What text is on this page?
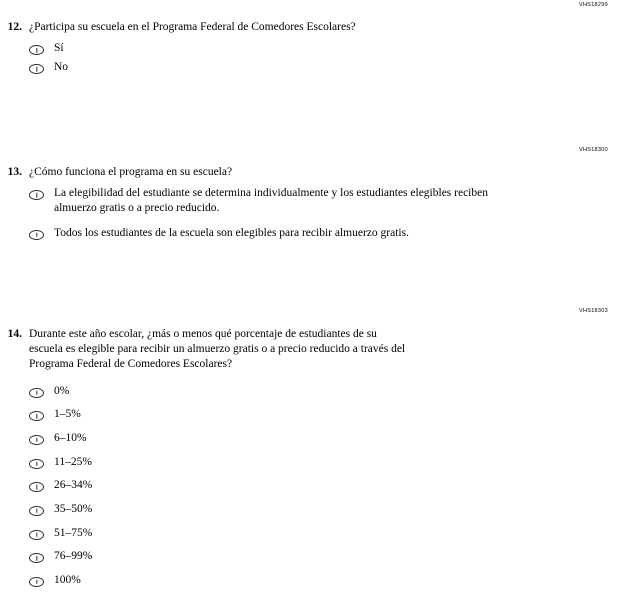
VHS18299
12. ¿Participa su escuela en el Programa Federal de Comedores Escolares?
Sí
No
VHS18300
13. ¿Cómo funciona el programa en su escuela?
La elegibilidad del estudiante se determina individualmente y los estudiantes elegibles reciben
almuerzo gratis o a precio reducido.
Todos los estudiantes de la escuela son elegibles para recibir almuerzo gratis.
VHS18303
14. Durante este año escolar, ¿más o menos qué porcentaje de estudiantes de su
escuela es elegible para recibir un almuerzo gratis o a precio reducido a través del
Programa Federal de Comedores Escolares?
0%
1–5%
6–10%
11–25%
26–34%
35–50%
51–75%
76–99%
100%
